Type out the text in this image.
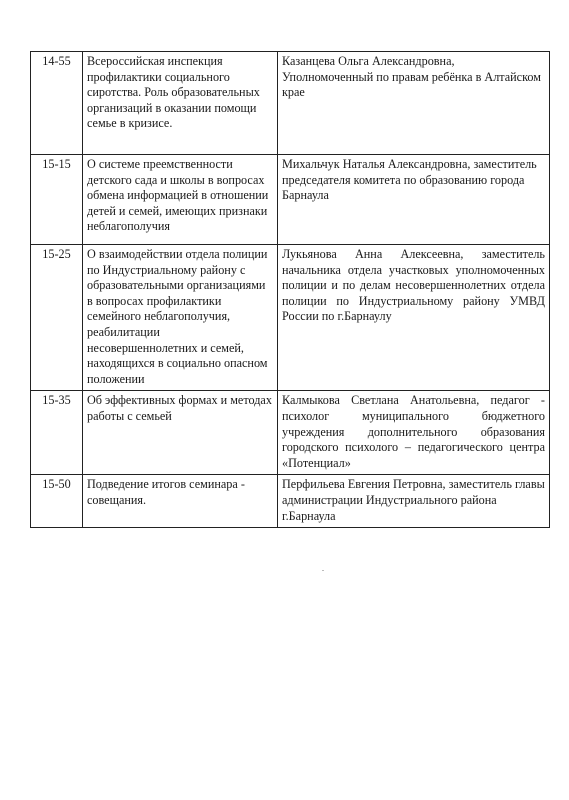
14-55	Всероссийская инспекция профилактики социального сиротства. Роль образовательных организаций в оказании помощи семье в кризисе.	Казанцева Ольга Александровна, Уполномоченный по правам ребёнка в Алтайском крае

15-15	О системе преемственности детского сада и школы в вопросах обмена информацией в отношении детей и семей, имеющих признаки неблагополучия	Михальчук Наталья Александровна, заместитель председателя комитета по образованию города Барнаула

15-25	О взаимодействии отдела полиции по Индустриальному району с образовательными организациями в вопросах профилактики семейного неблагополучия, реабилитации несовершеннолетних и семей, находящихся в социально опасном положении	Лукьянова Анна Алексеевна, заместитель начальника отдела участковых уполномоченных полиции и по делам несовершеннолетних отдела полиции по Индустриальному району УМВД России по г.Барнаулу

15-35	Об эффективных формах и методах работы с семьей	Калмыкова Светлана Анатольевна, педагог - психолог муниципального бюджетного учреждения дополнительного образования городского психолого – педагогического центра «Потенциал»

15-50	Подведение итогов семинара - совещания.	Перфильева Евгения Петровна, заместитель главы администрации Индустриального района г.Барнаула
